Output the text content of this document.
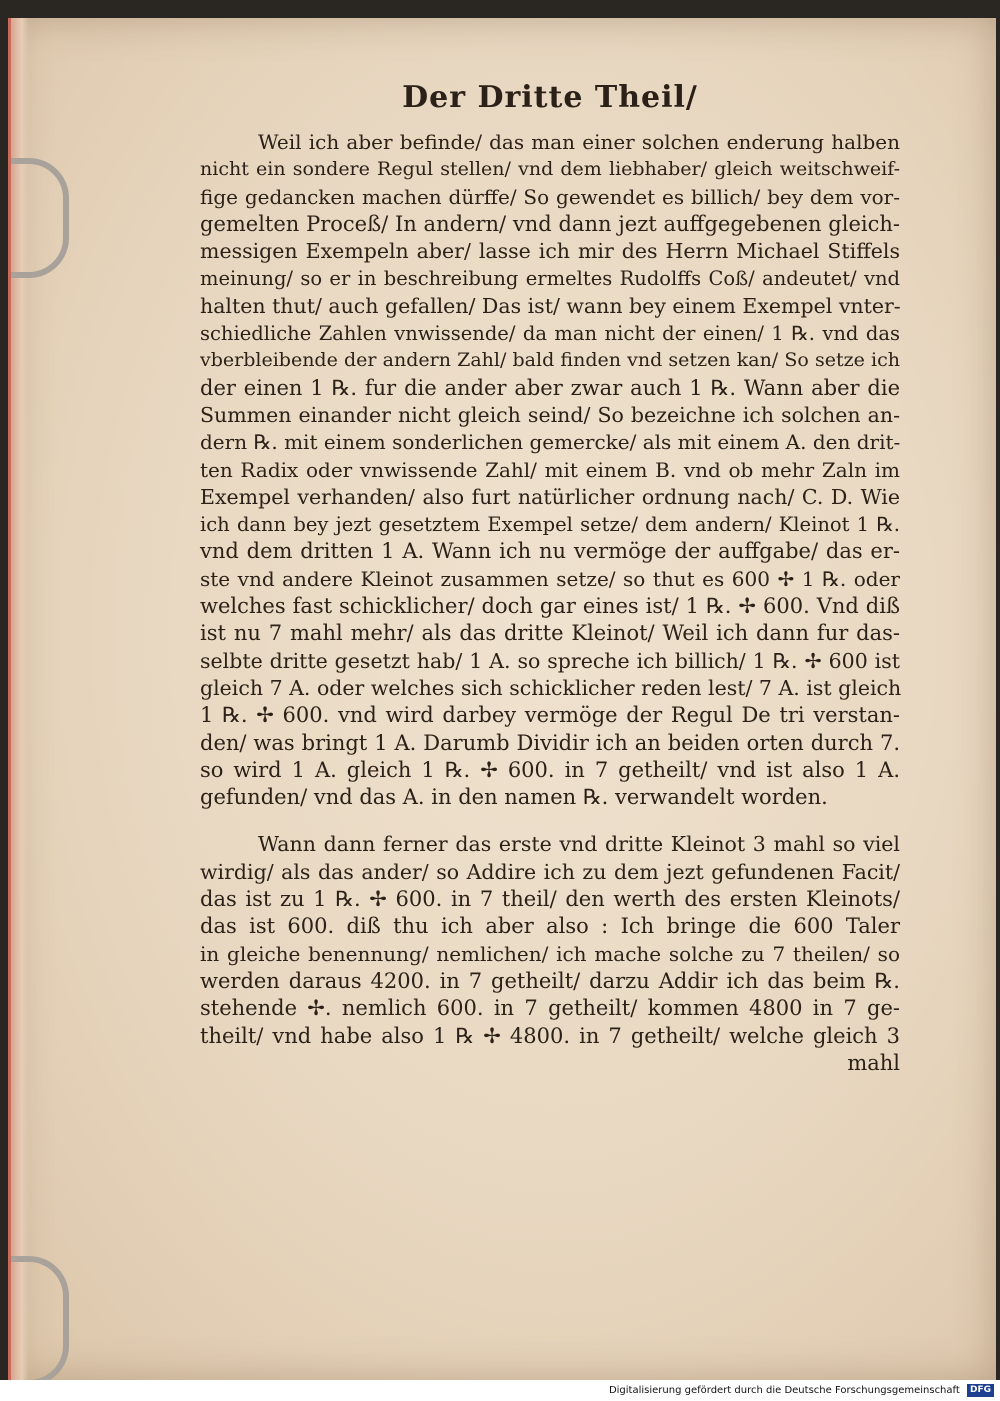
Der Dritte Theil/
Weil ich aber befinde/ das man einer solchen enderung halben
nicht ein sondere Regul stellen/ vnd dem liebhaber/ gleich weitschweif-
fige gedancken machen dürffe/ So gewendet es billich/ bey dem vor-
gemelten Proceß/ In andern/ vnd dann jezt auffgegebenen gleich-
messigen Exempeln aber/ lasse ich mir des Herrn Michael Stiffels
meinung/ so er in beschreibung ermeltes Rudolffs Coß/ andeutet/ vnd
halten thut/ auch gefallen/ Das ist/ wann bey einem Exempel vnter-
schiedliche Zahlen vnwissende/ da man nicht der einen/ 1 ℞. vnd das
vberbleibende der andern Zahl/ bald finden vnd setzen kan/ So setze ich
der einen 1 ℞. fur die ander aber zwar auch 1 ℞. Wann aber die
Summen einander nicht gleich seind/ So bezeichne ich solchen an-
dern ℞. mit einem sonderlichen gemercke/ als mit einem A. den drit-
ten Radix oder vnwissende Zahl/ mit einem B. vnd ob mehr Zaln im
Exempel verhanden/ also furt natürlicher ordnung nach/ C. D. Wie
ich dann bey jezt gesetztem Exempel setze/ dem andern/ Kleinot 1 ℞.
vnd dem dritten 1 A. Wann ich nu vermöge der auffgabe/ das er-
ste vnd andere Kleinot zusammen setze/ so thut es 600 ✢ 1 ℞. oder
welches fast schicklicher/ doch gar eines ist/ 1 ℞. ✢ 600. Vnd diß
ist nu 7 mahl mehr/ als das dritte Kleinot/ Weil ich dann fur das-
selbte dritte gesetzt hab/ 1 A. so spreche ich billich/ 1 ℞. ✢ 600 ist
gleich 7 A. oder welches sich schicklicher reden lest/ 7 A. ist gleich
1 ℞. ✢ 600. vnd wird darbey vermöge der Regul De tri verstan-
den/ was bringt 1 A. Darumb Dividir ich an beiden orten durch 7.
so wird 1 A. gleich 1 ℞. ✢ 600. in 7 getheilt/ vnd ist also 1 A.
gefunden/ vnd das A. in den namen ℞. verwandelt worden.
Wann dann ferner das erste vnd dritte Kleinot 3 mahl so viel
wirdig/ als das ander/ so Addire ich zu dem jezt gefundenen Facit/
das ist zu 1 ℞. ✢ 600. in 7 theil/ den werth des ersten Kleinots/
das ist 600. diß thu ich aber also : Ich bringe die 600 Taler
in gleiche benennung/ nemlichen/ ich mache solche zu 7 theilen/ so
werden daraus 4200. in 7 getheilt/ darzu Addir ich das beim ℞.
stehende ✢. nemlich 600. in 7 getheilt/ kommen 4800 in 7 ge-
theilt/ vnd habe also 1 ℞ ✢ 4800. in 7 getheilt/ welche gleich 3
mahl
Digitalisierung gefördert durch die Deutsche Forschungsgemeinschaft DFG
